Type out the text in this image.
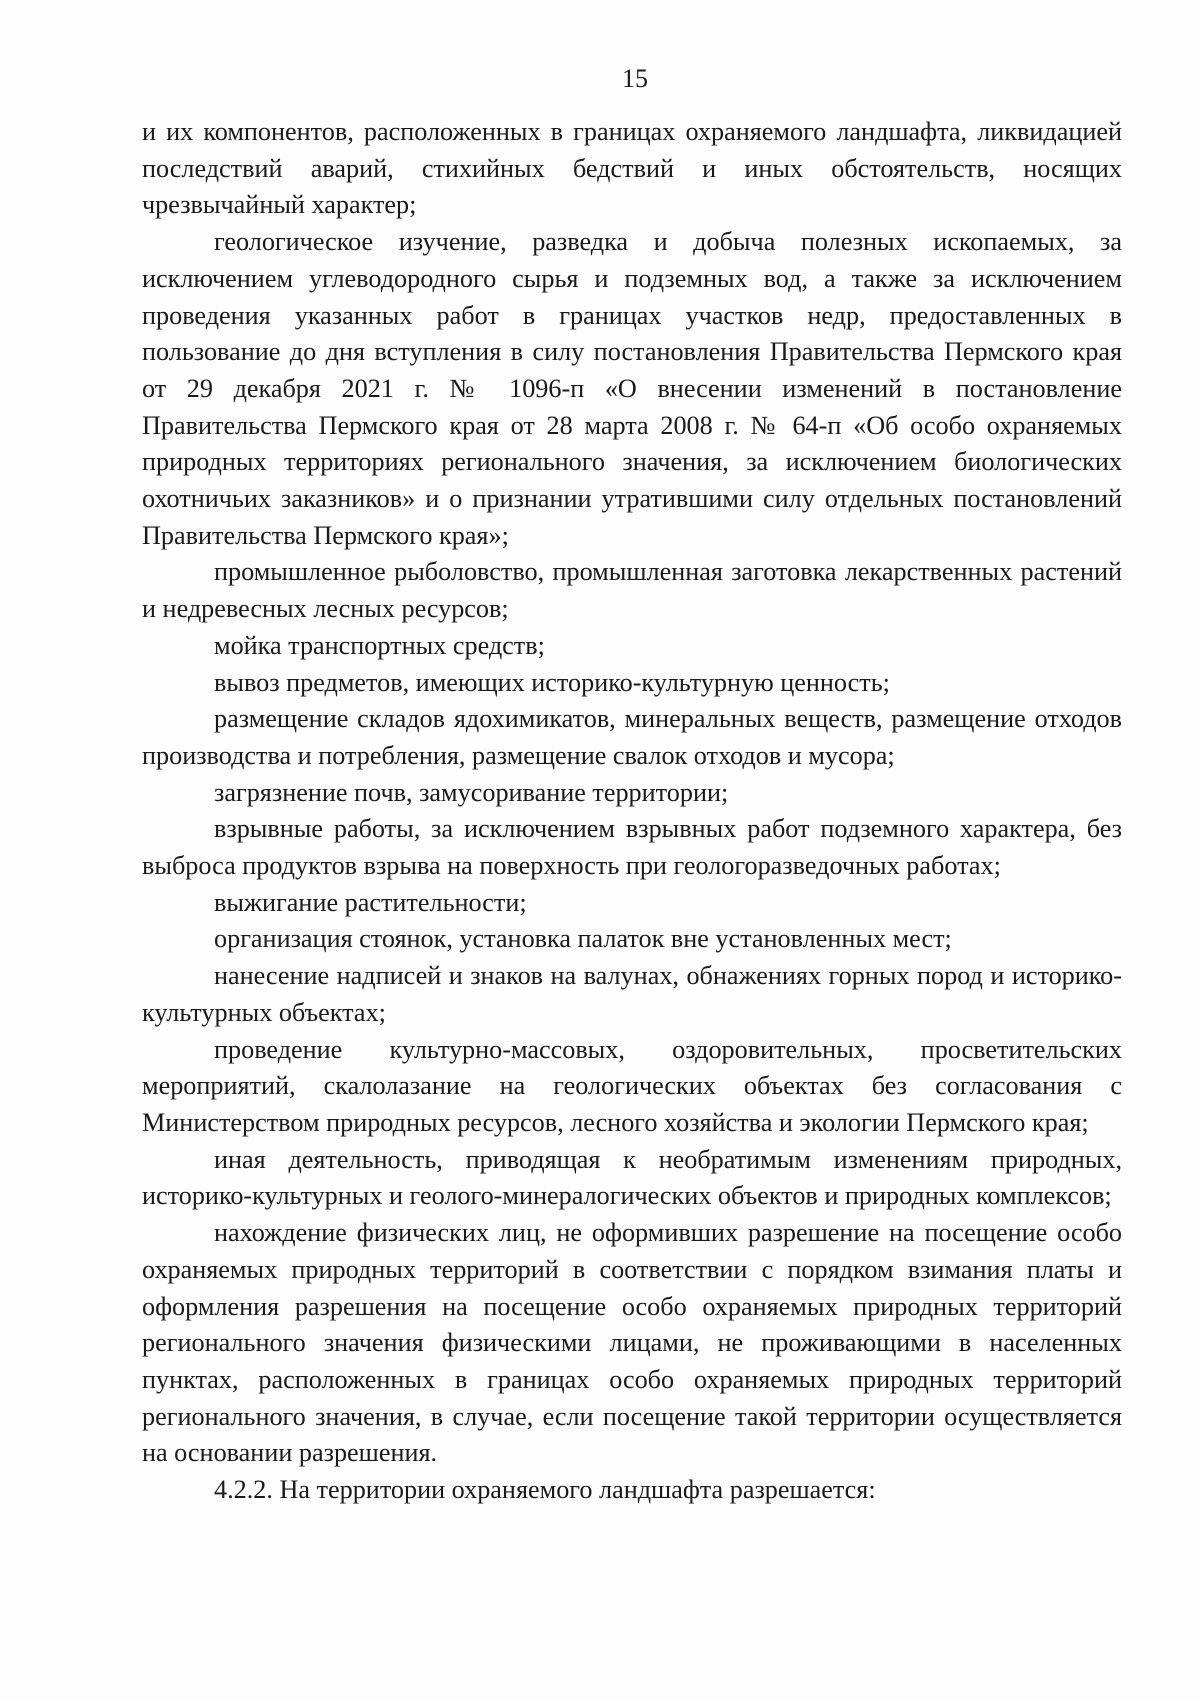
15

и их компонентов, расположенных в границах охраняемого ландшафта, ликвидацией последствий аварий, стихийных бедствий и иных обстоятельств, носящих чрезвычайный характер;

геологическое изучение, разведка и добыча полезных ископаемых, за исключением углеводородного сырья и подземных вод, а также за исключением проведения указанных работ в границах участков недр, предоставленных в пользование до дня вступления в силу постановления Правительства Пермского края от 29 декабря 2021 г. № 1096-п «О внесении изменений в постановление Правительства Пермского края от 28 марта 2008 г. № 64-п «Об особо охраняемых природных территориях регионального значения, за исключением биологических охотничьих заказников» и о признании утратившими силу отдельных постановлений Правительства Пермского края»;

промышленное рыболовство, промышленная заготовка лекарственных растений и недревесных лесных ресурсов;

мойка транспортных средств;

вывоз предметов, имеющих историко-культурную ценность;

размещение складов ядохимикатов, минеральных веществ, размещение отходов производства и потребления, размещение свалок отходов и мусора;

загрязнение почв, замусоривание территории;

взрывные работы, за исключением взрывных работ подземного характера, без выброса продуктов взрыва на поверхность при геологоразведочных работах;

выжигание растительности;

организация стоянок, установка палаток вне установленных мест;

нанесение надписей и знаков на валунах, обнажениях горных пород и историко-культурных объектах;

проведение культурно-массовых, оздоровительных, просветительских мероприятий, скалолазание на геологических объектах без согласования с Министерством природных ресурсов, лесного хозяйства и экологии Пермского края;

иная деятельность, приводящая к необратимым изменениям природных, историко-культурных и геолого-минералогических объектов и природных комплексов;

нахождение физических лиц, не оформивших разрешение на посещение особо охраняемых природных территорий в соответствии с порядком взимания платы и оформления разрешения на посещение особо охраняемых природных территорий регионального значения физическими лицами, не проживающими в населенных пунктах, расположенных в границах особо охраняемых природных территорий регионального значения, в случае, если посещение такой территории осуществляется на основании разрешения.

4.2.2. На территории охраняемого ландшафта разрешается:
